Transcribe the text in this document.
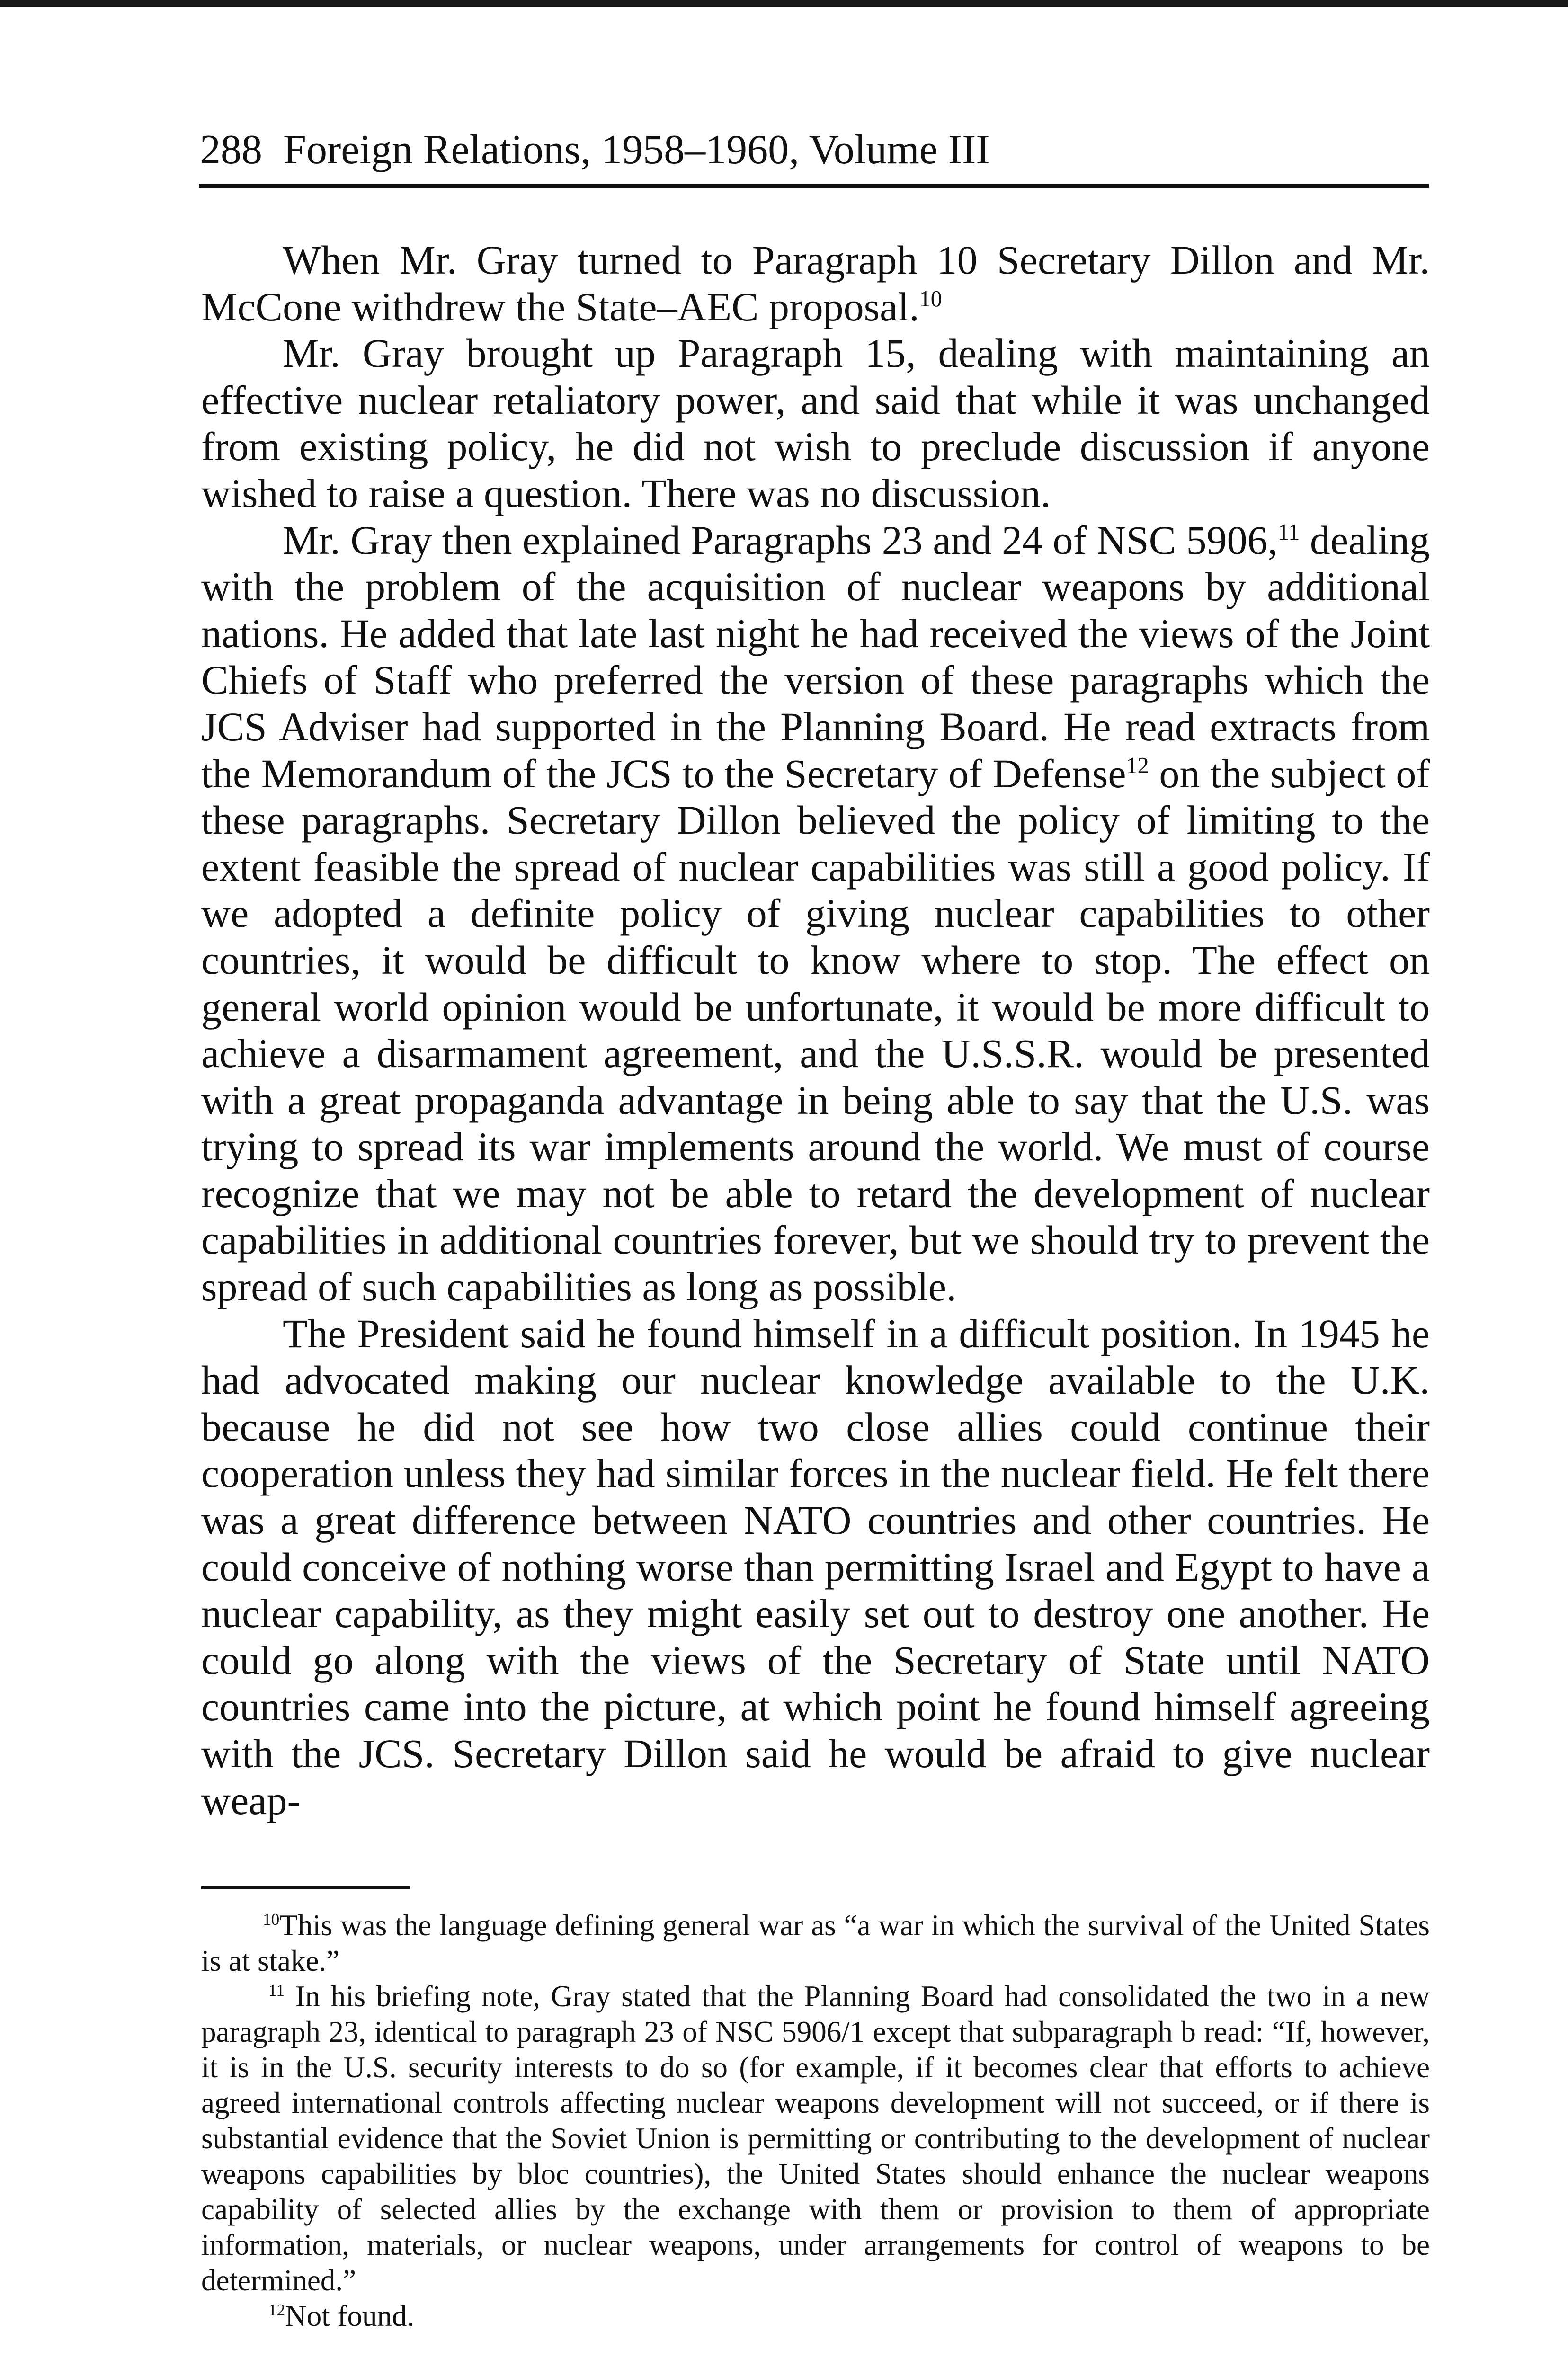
288 Foreign Relations, 1958–1960, Volume III

When Mr. Gray turned to Paragraph 10 Secretary Dillon and Mr. McCone withdrew the State–AEC proposal.$^{10}$

Mr. Gray brought up Paragraph 15, dealing with maintaining an effective nuclear retaliatory power, and said that while it was unchanged from existing policy, he did not wish to preclude discussion if anyone wished to raise a question. There was no discussion.

Mr. Gray then explained Paragraphs 23 and 24 of NSC 5906,11 dealing with the problem of the acquisition of nuclear weapons by additional nations. He added that late last night he had received the views of the Joint Chiefs of Staff who preferred the version of these paragraphs which the JCS Adviser had supported in the Planning Board. He read extracts from the Memorandum of the JCS to the Secretary of Defense$^{12}$ on the subject of these paragraphs. Secretary Dillon believed the policy of limiting to the extent feasible the spread of nuclear capabilities was still a good policy. If we adopted a definite policy of giving nuclear capabilities to other countries, it would be difficult to know where to stop. The effect on general world opinion would be unfortunate, it would be more difficult to achieve a disarmament agreement, and the U.S.S.R. would be presented with a great propaganda advantage in being able to say that the U.S. was trying to spread its war implements around the world. We must of course recognize that we may not be able to retard the development of nuclear capabilities in additional countries forever, but we should try to prevent the spread of such capabilities as long as possible.

The President said he found himself in a difficult position. In 1945 he had advocated making our nuclear knowledge available to the U.K. because he did not see how two close allies could continue their cooperation unless they had similar forces in the nuclear field. He felt there was a great difference between NATO countries and other countries. He could conceive of nothing worse than permitting Israel and Egypt to have a nuclear capability, as they might easily set out to destroy one another. He could go along with the views of the Secretary of State until NATO countries came into the picture, at which point he found himself agreeing with the JCS. Secretary Dillon said he would be afraid to give nuclear weap-

$^{10}$This was the language defining general war as “a war in which the survival of the United States is at stake.”

$^{11}$ In his briefing note, Gray stated that the Planning Board had consolidated the two in a new paragraph 23, identical to paragraph 23 of NSC 5906/1 except that subparagraph b read: “If, however, it is in the U.S. security interests to do so (for example, if it becomes clear that efforts to achieve agreed international controls affecting nuclear weapons development will not succeed, or if there is substantial evidence that the Soviet Union is permitting or contributing to the development of nuclear weapons capabilities by bloc countries), the United States should enhance the nuclear weapons capability of selected allies by the exchange with them or provision to them of appropriate information, materials, or nuclear weapons, under arrangements for control of weapons to be determined.”

$^{12}$Not found.
